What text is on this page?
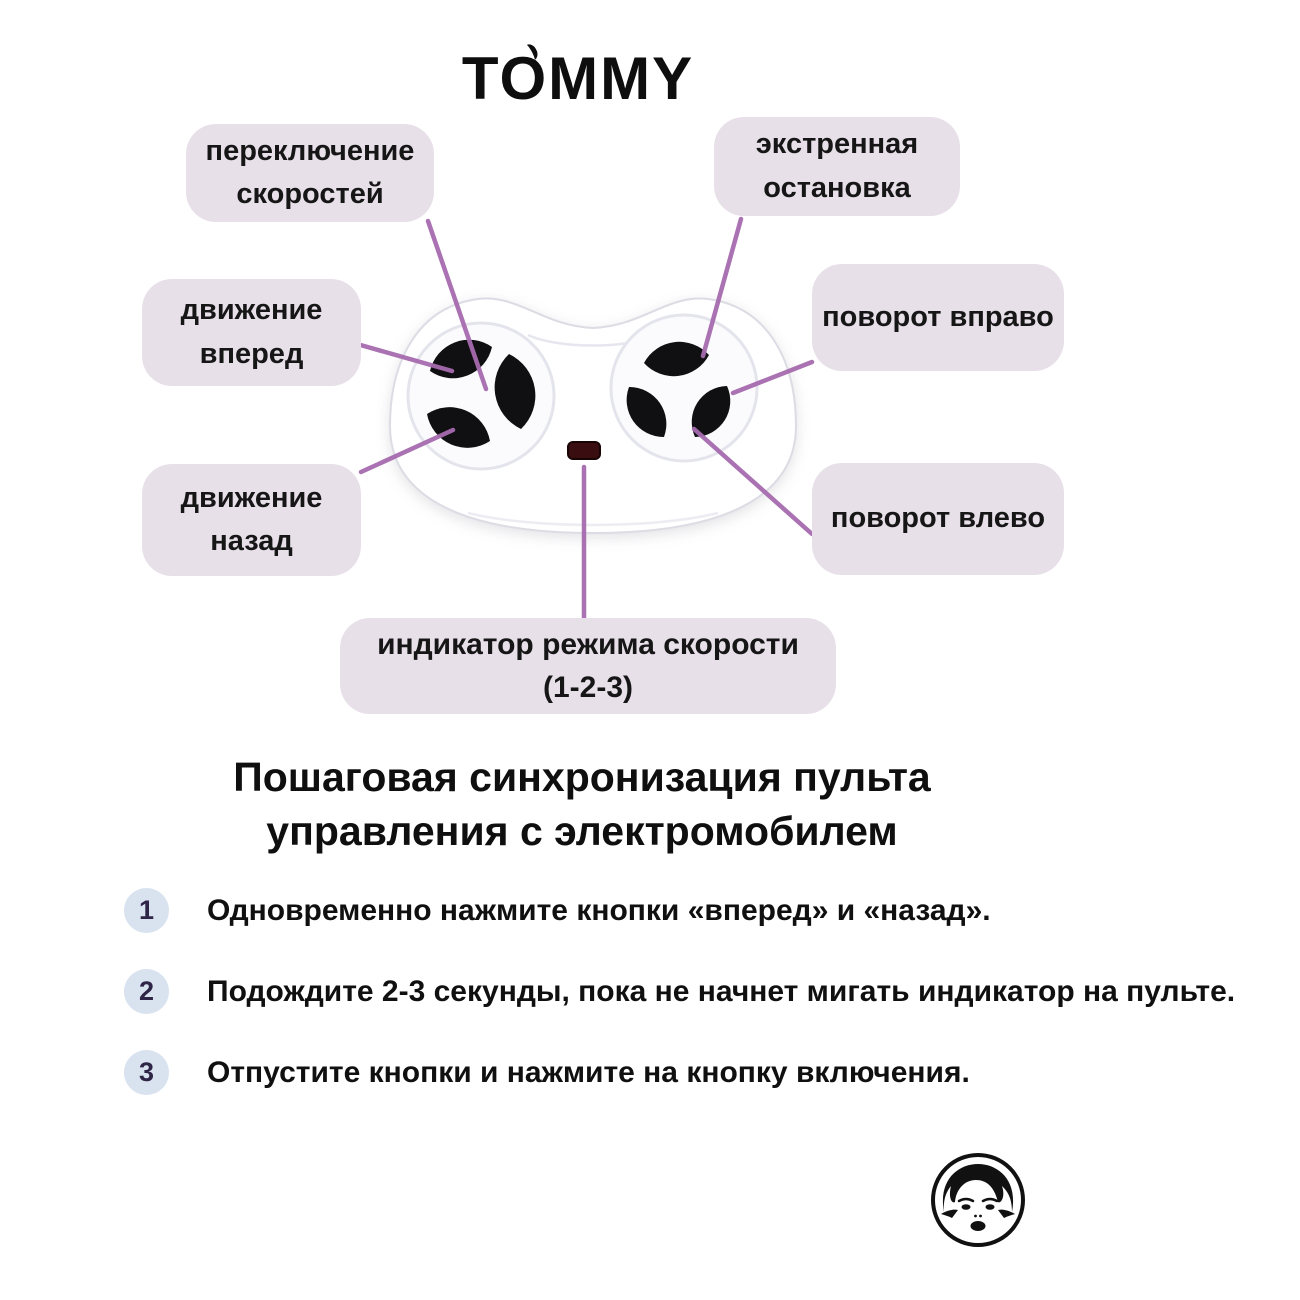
TOMMY
переключение скоростей
экстренная остановка
движение вперед
поворот вправо
движение назад
поворот влево
индикатор режима скорости
(1-2-3)
Пошаговая синхронизация пульта
управления с электромобилем
1	Одновременно нажмите кнопки «вперед» и «назад».
2	Подождите 2-3 секунды, пока не начнет мигать индикатор на пульте.
3	Отпустите кнопки и нажмите на кнопку включения.
